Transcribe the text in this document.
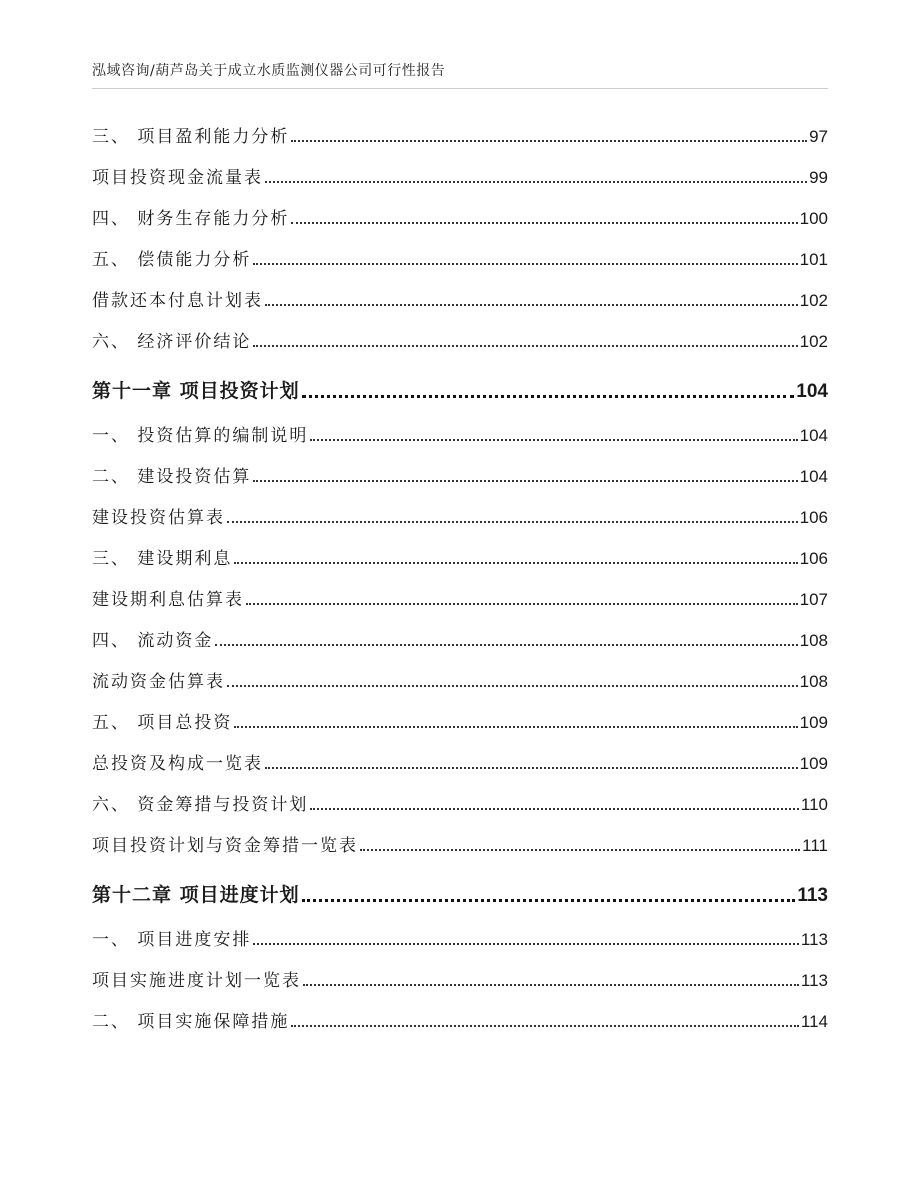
泓域咨询/葫芦岛关于成立水质监测仪器公司可行性报告
三、 项目盈利能力分析	97
项目投资现金流量表	99
四、 财务生存能力分析	100
五、 偿债能力分析	101
借款还本付息计划表	102
六、 经济评价结论	102
第十一章 项目投资计划	104
一、 投资估算的编制说明	104
二、 建设投资估算	104
建设投资估算表	106
三、 建设期利息	106
建设期利息估算表	107
四、 流动资金	108
流动资金估算表	108
五、 项目总投资	109
总投资及构成一览表	109
六、 资金筹措与投资计划	110
项目投资计划与资金筹措一览表	111
第十二章 项目进度计划	113
一、 项目进度安排	113
项目实施进度计划一览表	113
二、 项目实施保障措施	114
